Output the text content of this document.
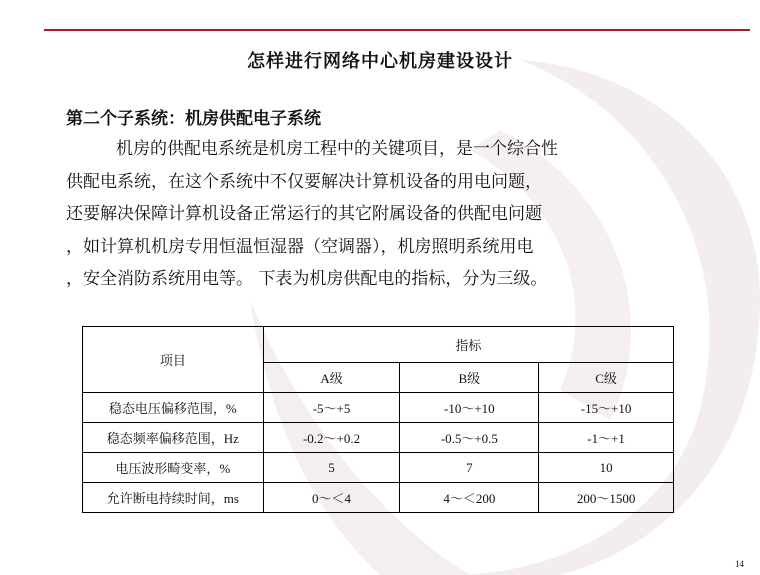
怎样进行网络中心机房建设设计
第二个子系统：机房供配电子系统
机房的供配电系统是机房工程中的关键项目，是一个综合性
供配电系统，在这个系统中不仅要解决计算机设备的用电问题，
还要解决保障计算机设备正常运行的其它附属设备的供配电问题
，如计算机机房专用恒温恒湿器（空调器），机房照明系统用电
，安全消防系统用电等。 下表为机房供配电的指标，分为三级。
项目	指标		
	A级	B级	C级
稳态电压偏移范围，%	-5～+5	-10～+10	-15～+10
稳态频率偏移范围，Hz	-0.2～+0.2	-0.5～+0.5	-1～+1
电压波形畸变率，%	5	7	10
允许断电持续时间，ms	0～＜4	4～＜200	200～1500
14
